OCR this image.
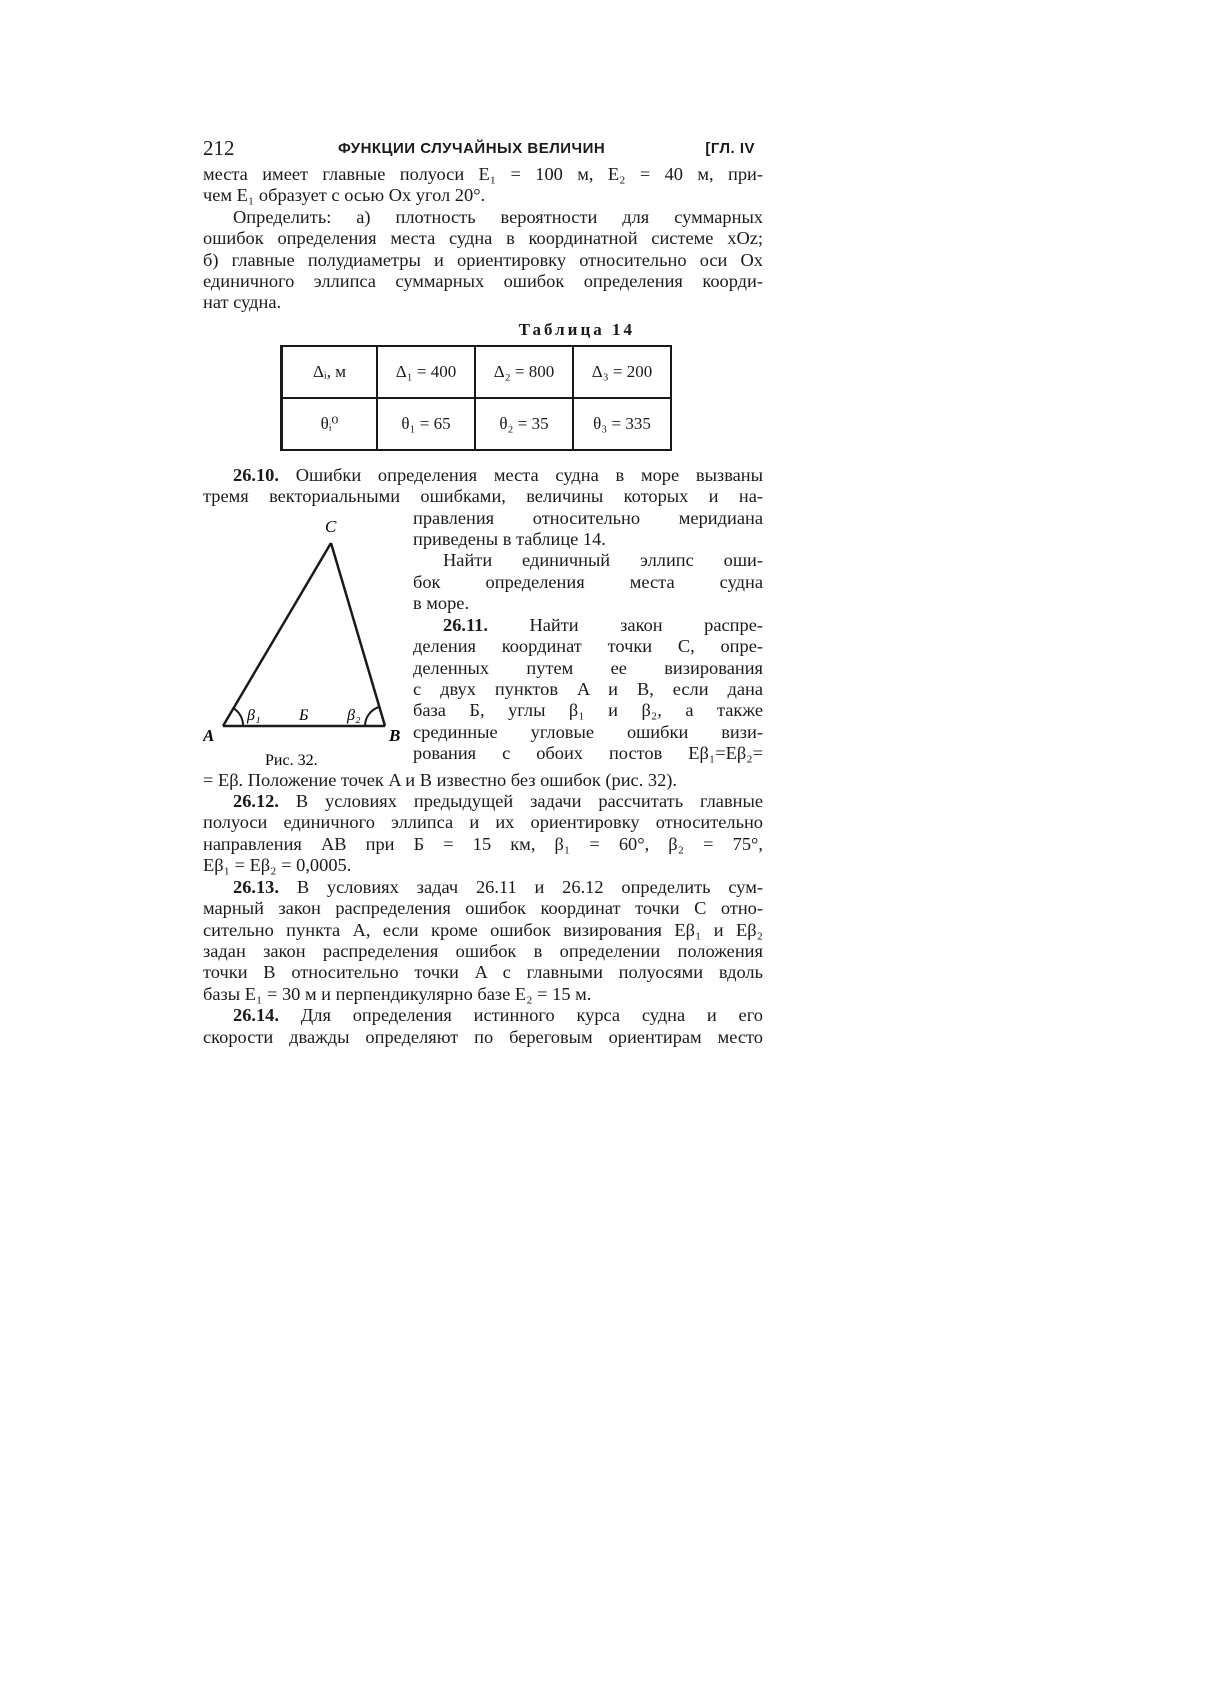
212	ФУНКЦИИ СЛУЧАЙНЫХ ВЕЛИЧИН	[ГЛ. IV

места имеет главные полуоси E₁ = 100 м, E₂ = 40 м, при-

чем E₁ образует с осью Ox угол 20°.

Определить: а) плотность вероятности для суммарных

ошибок определения места судна в координатной системе xOz;

б) главные полудиаметры и ориентировку относительно оси Ox

единичного эллипса суммарных ошибок определения коорди-

нат судна.

Таблица 14
Δᵢ, м	Δ₁ = 400	Δ₂ = 800	Δ₃ = 200
θᵢ⁰	θ₁ = 65	θ₂ = 35	θ₃ = 335

26.10. Ошибки определения места судна в море вызваны

тремя векториальными ошибками, величины которых и на-

C
A	B
Б
β₁	β₂
Рис. 32.

правления относительно меридиана

приведены в таблице 14.

Найти единичный эллипс оши-

бок определения места судна

в море.

26.11. Найти закон распре-

деления координат точки C, опре-

деленных путем ее визирования

с двух пунктов A и B, если дана

база Б, углы β₁ и β₂, а также

срединные угловые ошибки визи-

рования с обоих постов Eβ₁=Eβ₂=

= Eβ. Положение точек A и B известно без ошибок (рис. 32).

26.12. В условиях предыдущей задачи рассчитать главные

полуоси единичного эллипса и их ориентировку относительно

направления AB при Б = 15 км, β₁ = 60°, β₂ = 75°,

Eβ₁ = Eβ₂ = 0,0005.

26.13. В условиях задач 26.11 и 26.12 определить сум-

марный закон распределения ошибок координат точки C отно-

сительно пункта A, если кроме ошибок визирования Eβ₁ и Eβ₂

задан закон распределения ошибок в определении положения

точки B относительно точки A с главными полуосями вдоль

базы E₁ = 30 м и перпендикулярно базе E₂ = 15 м.

26.14. Для определения истинного курса судна и его

скорости дважды определяют по береговым ориентирам место
